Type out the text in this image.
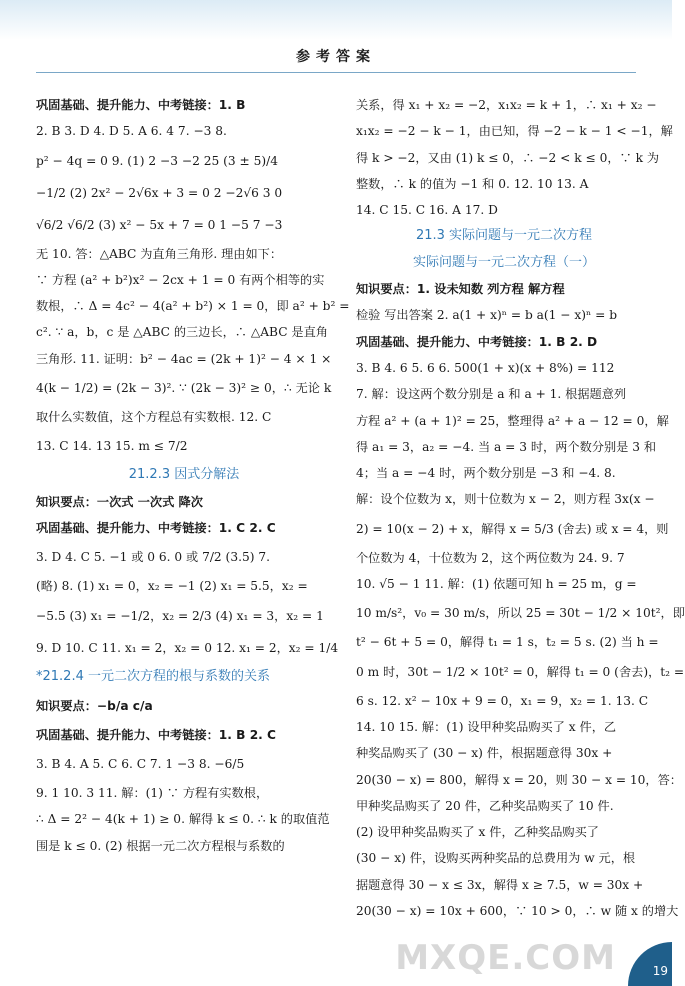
参考答案
巩固基础、提升能力、中考链接：1. B
2. B 3. D 4. D 5. A 6. 4 7. −3 8.
p² − 4q = 0 9. (1) 2 −3 −2 25 (3 ± 5)/4
−1/2 (2) 2x² − 2√6x + 3 = 0 2 −2√6 3 0
√6/2 √6/2 (3) x² − 5x + 7 = 0 1 −5 7 −3
无 10. 答：△ABC 为直角三角形. 理由如下：
∵ 方程 (a² + b²)x² − 2cx + 1 = 0 有两个相等的实
数根，∴ Δ = 4c² − 4(a² + b²) × 1 = 0，即 a² + b² =
c². ∵ a，b，c 是 △ABC 的三边长，∴ △ABC 是直角
三角形. 11. 证明：b² − 4ac = (2k + 1)² − 4 × 1 ×
4(k − 1/2) = (2k − 3)². ∵ (2k − 3)² ≥ 0，∴ 无论 k
取什么实数值，这个方程总有实数根. 12. C
13. C 14. 13 15. m ≤ 7/2
21.2.3 因式分解法
知识要点：一次式 一次式 降次
巩固基础、提升能力、中考链接：1. C 2. C
3. D 4. C 5. −1 或 0 6. 0 或 7/2 (3.5) 7.
(略) 8. (1) x₁ = 0，x₂ = −1 (2) x₁ = 5.5，x₂ =
−5.5 (3) x₁ = −1/2，x₂ = 2/3 (4) x₁ = 3，x₂ = 1
9. D 10. C 11. x₁ = 2，x₂ = 0 12. x₁ = 2，x₂ = 1/4
*21.2.4 一元二次方程的根与系数的关系
知识要点：−b/a c/a
巩固基础、提升能力、中考链接：1. B 2. C
3. B 4. A 5. C 6. C 7. 1 −3 8. −6/5
9. 1 10. 3 11. 解：(1) ∵ 方程有实数根，
∴ Δ = 2² − 4(k + 1) ≥ 0. 解得 k ≤ 0. ∴ k 的取值范
围是 k ≤ 0. (2) 根据一元二次方程根与系数的
关系，得 x₁ + x₂ = −2，x₁x₂ = k + 1，∴ x₁ + x₂ −
x₁x₂ = −2 − k − 1，由已知，得 −2 − k − 1 < −1，解
得 k > −2，又由 (1) k ≤ 0，∴ −2 < k ≤ 0，∵ k 为
整数，∴ k 的值为 −1 和 0. 12. 10 13. A
14. C 15. C 16. A 17. D
21.3 实际问题与一元二次方程
实际问题与一元二次方程（一）
知识要点：1. 设未知数 列方程 解方程
检验 写出答案 2. a(1 + x)ⁿ = b a(1 − x)ⁿ = b
巩固基础、提升能力、中考链接：1. B 2. D
3. B 4. 6 5. 6 6. 500(1 + x)(x + 8%) = 112
7. 解：设这两个数分别是 a 和 a + 1. 根据题意列
方程 a² + (a + 1)² = 25，整理得 a² + a − 12 = 0，解
得 a₁ = 3，a₂ = −4. 当 a = 3 时，两个数分别是 3 和
4；当 a = −4 时，两个数分别是 −3 和 −4. 8.
解：设个位数为 x，则十位数为 x − 2，则方程 3x(x −
2) = 10(x − 2) + x，解得 x = 5/3 (舍去) 或 x = 4，则
个位数为 4，十位数为 2，这个两位数为 24. 9. 7
10. √5 − 1 11. 解：(1) 依题可知 h = 25 m，g =
10 m/s²，v₀ = 30 m/s，所以 25 = 30t − 1/2 × 10t²，即
t² − 6t + 5 = 0，解得 t₁ = 1 s，t₂ = 5 s. (2) 当 h =
0 m 时，30t − 1/2 × 10t² = 0，解得 t₁ = 0 (舍去)，t₂ =
6 s. 12. x² − 10x + 9 = 0，x₁ = 9，x₂ = 1. 13. C
14. 10 15. 解：(1) 设甲种奖品购买了 x 件，乙
种奖品购买了 (30 − x) 件，根据题意得 30x +
20(30 − x) = 800，解得 x = 20，则 30 − x = 10，答：
甲种奖品购买了 20 件，乙种奖品购买了 10 件.
(2) 设甲种奖品购买了 x 件，乙种奖品购买了
(30 − x) 件，设购买两种奖品的总费用为 w 元，根
据题意得 30 − x ≤ 3x，解得 x ≥ 7.5，w = 30x +
20(30 − x) = 10x + 600，∵ 10 > 0，∴ w 随 x 的增大
MXQE.COM	19
